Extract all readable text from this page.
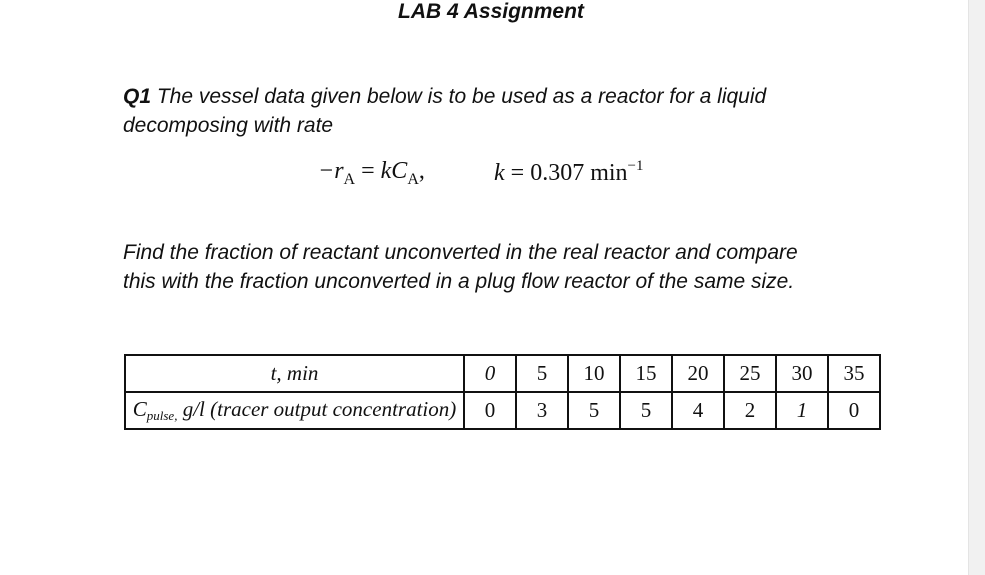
LAB 4 Assignment
Q1 The vessel data given below is to be used as a reactor for a liquid
decomposing with rate
$-r_A = kC_A$,	k = 0.307 $\min^{-1}$
Find the fraction of reactant unconverted in the real reactor and compare
this with the fraction unconverted in a plug flow reactor of the same size.
t, min	0	5	10	15	20	25	30	35
Cpulse, g/l (tracer output concentration)	0	3	5	5	4	2	1	0
